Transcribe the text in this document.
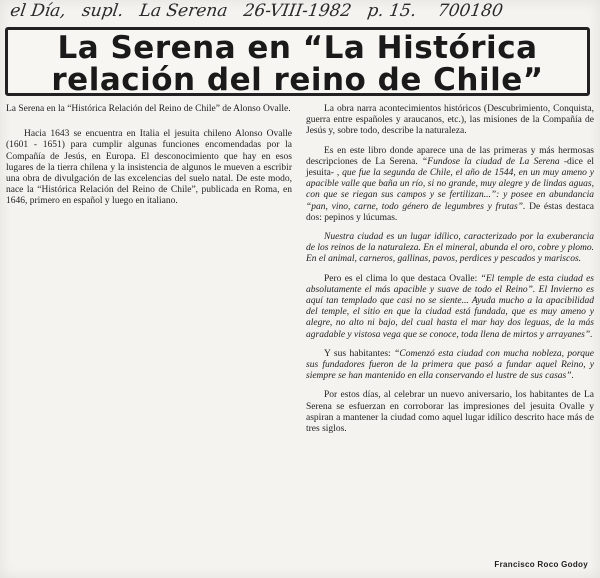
el Día, supl. La Serena 26-VIII-1982 p. 15. 700180
La Serena en “La Histórica
relación del reino de Chile”

La Serena en la “Histórica Relación del Reino de Chile” de Alonso Ovalle.

Hacia 1643 se encuentra en Italia el jesuita chileno Alonso Ovalle (1601 - 1651) para cumplir algunas funciones encomendadas por la Compañía de Jesús, en Europa. El desconocimiento que hay en esos lugares de la tierra chilena y la insistencia de algunos le mueven a escribir una obra de divulgación de las excelencias del suelo natal. De este modo, nace la “Histórica Relación del Reino de Chile”, publicada en Roma, en 1646, primero en español y luego en italiano.

La obra narra acontecimientos históricos (Descubrimiento, Conquista, guerra entre españoles y araucanos, etc.), las misiones de la Compañía de Jesús y, sobre todo, describe la naturaleza.

Es en este libro donde aparece una de las primeras y más hermosas descripciones de La Serena. “Fundose la ciudad de La Serena -dice el jesuita- , que fue la segunda de Chile, el año de 1544, en un muy ameno y apacible valle que baña un río, si no grande, muy alegre y de lindas aguas, con que se riegan sus campos y se fertilizan...”: y posee en abundancia “pan, vino, carne, todo género de legumbres y frutas”. De éstas destaca dos: pepinos y lúcumas.

Nuestra ciudad es un lugar idílico, caracterizado por la exuberancia de los reinos de la naturaleza. En el mineral, abunda el oro, cobre y plomo. En el animal, carneros, gallinas, pavos, perdices y pescados y mariscos.

Pero es el clima lo que destaca Ovalle: “El temple de esta ciudad es absolutamente el más apacible y suave de todo el Reino”. El Invierno es aquí tan templado que casi no se siente... Ayuda mucho a la apacibilidad del temple, el sitio en que la ciudad está fundada, que es muy ameno y alegre, no alto ni bajo, del cual hasta el mar hay dos leguas, de la más agradable y vistosa vega que se conoce, toda llena de mirtos y arrayanes”.

Y sus habitantes: “Comenzó esta ciudad con mucha nobleza, porque sus fundadores fueron de la primera que pasó a fundar aquel Reino, y siempre se han mantenido en ella conservando el lustre de sus casas”.

Por estos días, al celebrar un nuevo aniversario, los habitantes de La Serena se esfuerzan en corroborar las impresiones del jesuita Ovalle y aspiran a mantener la ciudad como aquel lugar idílico descrito hace más de tres siglos.

Francisco Roco Godoy
